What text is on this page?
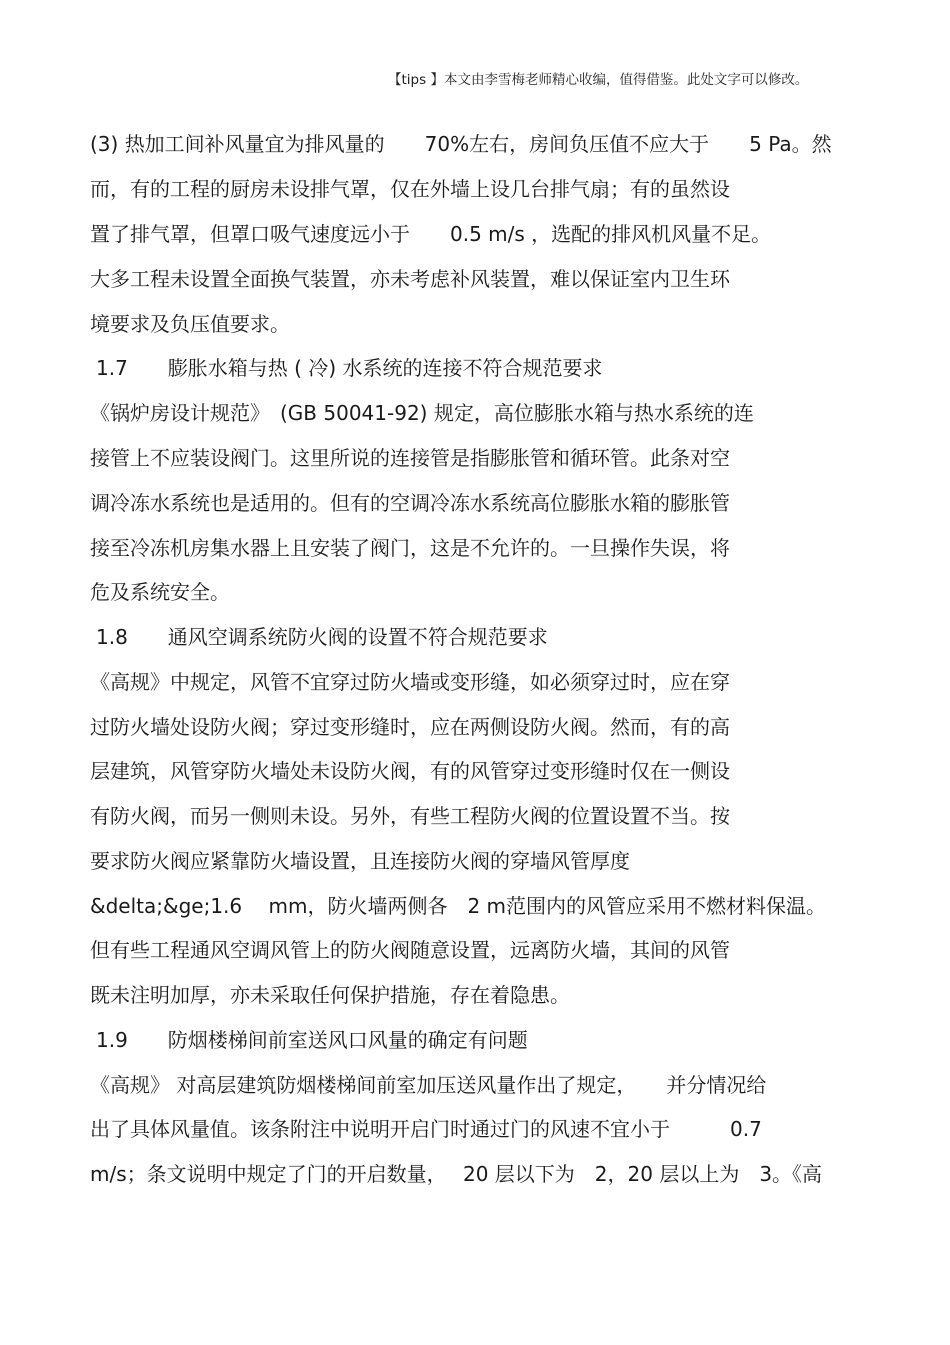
【tips 】本文由李雪梅老师精心收编，值得借鉴。此处文字可以修改。
(3) 热加工间补风量宜为排风量的　　70%左右，房间负压值不应大于　　5 Pa。然
而，有的工程的厨房未设排气罩，仅在外墙上设几台排气扇；有的虽然设
置了排气罩，但罩口吸气速度远小于　　0.5 m/s ，选配的排风机风量不足。
大多工程未设置全面换气装置，亦未考虑补风装置，难以保证室内卫生环
境要求及负压值要求。
1.7　　膨胀水箱与热 ( 冷) 水系统的连接不符合规范要求
《锅炉房设计规范》　(GB 50041-92) 规定，高位膨胀水箱与热水系统的连
接管上不应装设阀门。这里所说的连接管是指膨胀管和循环管。此条对空
调冷冻水系统也是适用的。但有的空调冷冻水系统高位膨胀水箱的膨胀管
接至冷冻机房集水器上且安装了阀门，这是不允许的。一旦操作失误，将
危及系统安全。
1.8　　通风空调系统防火阀的设置不符合规范要求
《高规》中规定，风管不宜穿过防火墙或变形缝，如必须穿过时，应在穿
过防火墙处设防火阀；穿过变形缝时，应在两侧设防火阀。然而，有的高
层建筑，风管穿防火墙处未设防火阀，有的风管穿过变形缝时仅在一侧设
有防火阀，而另一侧则未设。另外，有些工程防火阀的位置设置不当。按
要求防火阀应紧靠防火墙设置，且连接防火阀的穿墙风管厚度
&delta;&ge;1.6　 mm，防火墙两侧各　2 m范围内的风管应采用不燃材料保温。
但有些工程通风空调风管上的防火阀随意设置，远离防火墙，其间的风管
既未注明加厚，亦未采取任何保护措施，存在着隐患。
1.9　　防烟楼梯间前室送风口风量的确定有问题
《高规》 对高层建筑防烟楼梯间前室加压送风量作出了规定，　　并分情况给
出了具体风量值。该条附注中说明开启门时通过门的风速不宜小于　　　0.7
m/s；条文说明中规定了门的开启数量，　 20 层以下为　2，20 层以上为　3。《高
